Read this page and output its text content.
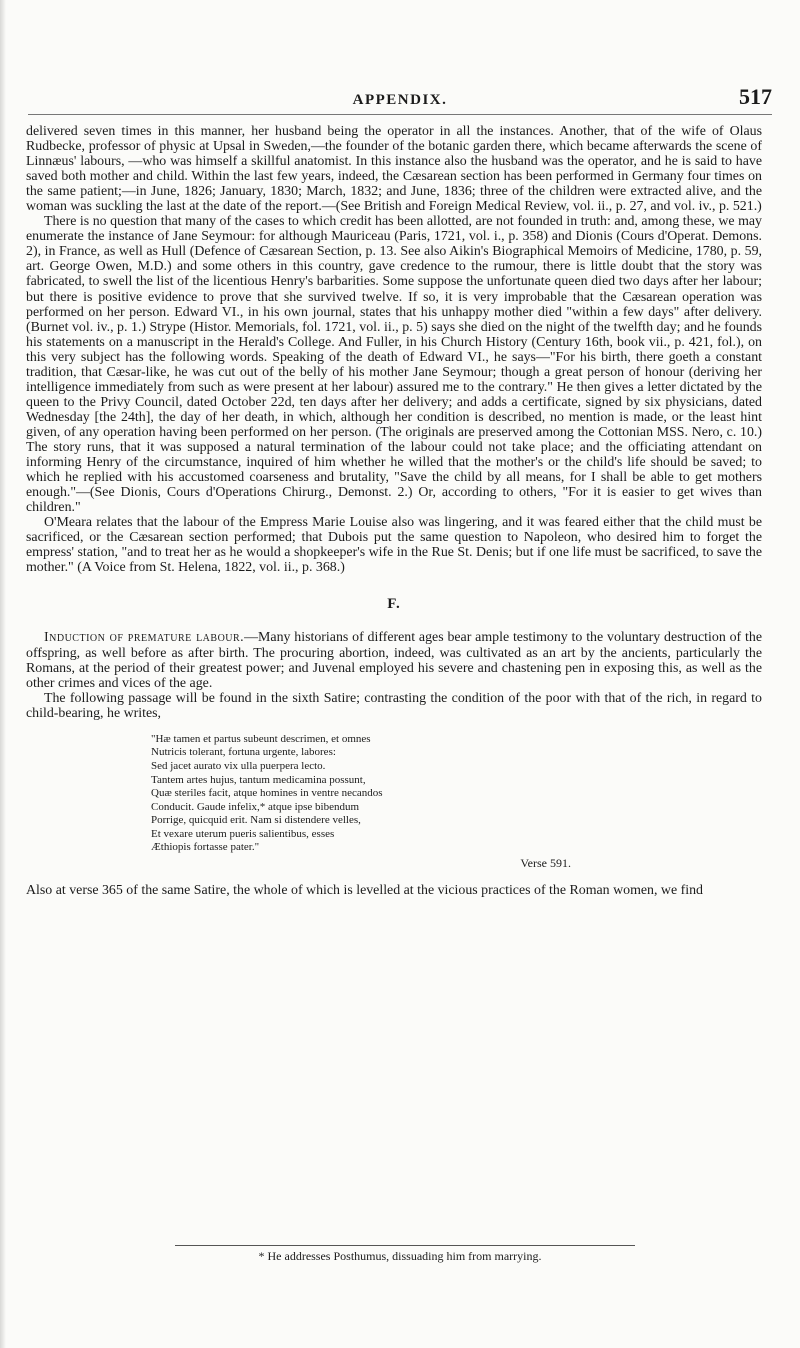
APPENDIX.	517

delivered seven times in this manner, her husband being the operator in all the instances. Another, that of the wife of Olaus Rudbecke, professor of physic at Upsal in Sweden,—the founder of the botanic garden there, which became afterwards the scene of Linnæus' labours, —who was himself a skillful anatomist. In this instance also the husband was the operator, and he is said to have saved both mother and child. Within the last few years, indeed, the Cæsarean section has been performed in Germany four times on the same patient;—in June, 1826; January, 1830; March, 1832; and June, 1836; three of the children were extracted alive, and the woman was suckling the last at the date of the report.—(See British and Foreign Medical Review, vol. ii., p. 27, and vol. iv., p. 521.)

There is no question that many of the cases to which credit has been allotted, are not founded in truth: and, among these, we may enumerate the instance of Jane Seymour: for although Mauriceau (Paris, 1721, vol. i., p. 358) and Dionis (Cours d'Operat. Demons. 2), in France, as well as Hull (Defence of Cæsarean Section, p. 13. See also Aikin's Biographical Memoirs of Medicine, 1780, p. 59, art. George Owen, M.D.) and some others in this country, gave credence to the rumour, there is little doubt that the story was fabricated, to swell the list of the licentious Henry's barbarities. Some suppose the unfortunate queen died two days after her labour; but there is positive evidence to prove that she survived twelve. If so, it is very improbable that the Cæsarean operation was performed on her person. Edward VI., in his own journal, states that his unhappy mother died "within a few days" after delivery. (Burnet vol. iv., p. 1.) Strype (Histor. Memorials, fol. 1721, vol. ii., p. 5) says she died on the night of the twelfth day; and he founds his statements on a manuscript in the Herald's College. And Fuller, in his Church History (Century 16th, book vii., p. 421, fol.), on this very subject has the following words. Speaking of the death of Edward VI., he says—"For his birth, there goeth a constant tradition, that Cæsar-like, he was cut out of the belly of his mother Jane Seymour; though a great person of honour (deriving her intelligence immediately from such as were present at her labour) assured me to the contrary." He then gives a letter dictated by the queen to the Privy Council, dated October 22d, ten days after her delivery; and adds a certificate, signed by six physicians, dated Wednesday [the 24th], the day of her death, in which, although her condition is described, no mention is made, or the least hint given, of any operation having been performed on her person. (The originals are preserved among the Cottonian MSS. Nero, c. 10.) The story runs, that it was supposed a natural termination of the labour could not take place; and the officiating attendant on informing Henry of the circumstance, inquired of him whether he willed that the mother's or the child's life should be saved; to which he replied with his accustomed coarseness and brutality, "Save the child by all means, for I shall be able to get mothers enough."—(See Dionis, Cours d'Operations Chirurg., Demonst. 2.) Or, according to others, "For it is easier to get wives than children."

O'Meara relates that the labour of the Empress Marie Louise also was lingering, and it was feared either that the child must be sacrificed, or the Cæsarean section performed; that Dubois put the same question to Napoleon, who desired him to forget the empress' station, "and to treat her as he would a shopkeeper's wife in the Rue St. Denis; but if one life must be sacrificed, to save the mother." (A Voice from St. Helena, 1822, vol. ii., p. 368.)

F.

Induction of premature labour.—Many historians of different ages bear ample testimony to the voluntary destruction of the offspring, as well before as after birth. The procuring abortion, indeed, was cultivated as an art by the ancients, particularly the Romans, at the period of their greatest power; and Juvenal employed his severe and chastening pen in exposing this, as well as the other crimes and vices of the age.

The following passage will be found in the sixth Satire; contrasting the condition of the poor with that of the rich, in regard to child-bearing, he writes,

"Hæ tamen et partus subeunt descrimen, et omnes
Nutricis tolerant, fortuna urgente, labores:
Sed jacet aurato vix ulla puerpera lecto.
Tantem artes hujus, tantum medicamina possunt,
Quæ steriles facit, atque homines in ventre necandos
Conducit. Gaude infelix,* atque ipse bibendum
Porrige, quicquid erit. Nam si distendere velles,
Et vexare uterum pueris salientibus, esses
Æthiopis fortasse pater."
Verse 591.

Also at verse 365 of the same Satire, the whole of which is levelled at the vicious practices of the Roman women, we find

* He addresses Posthumus, dissuading him from marrying.
